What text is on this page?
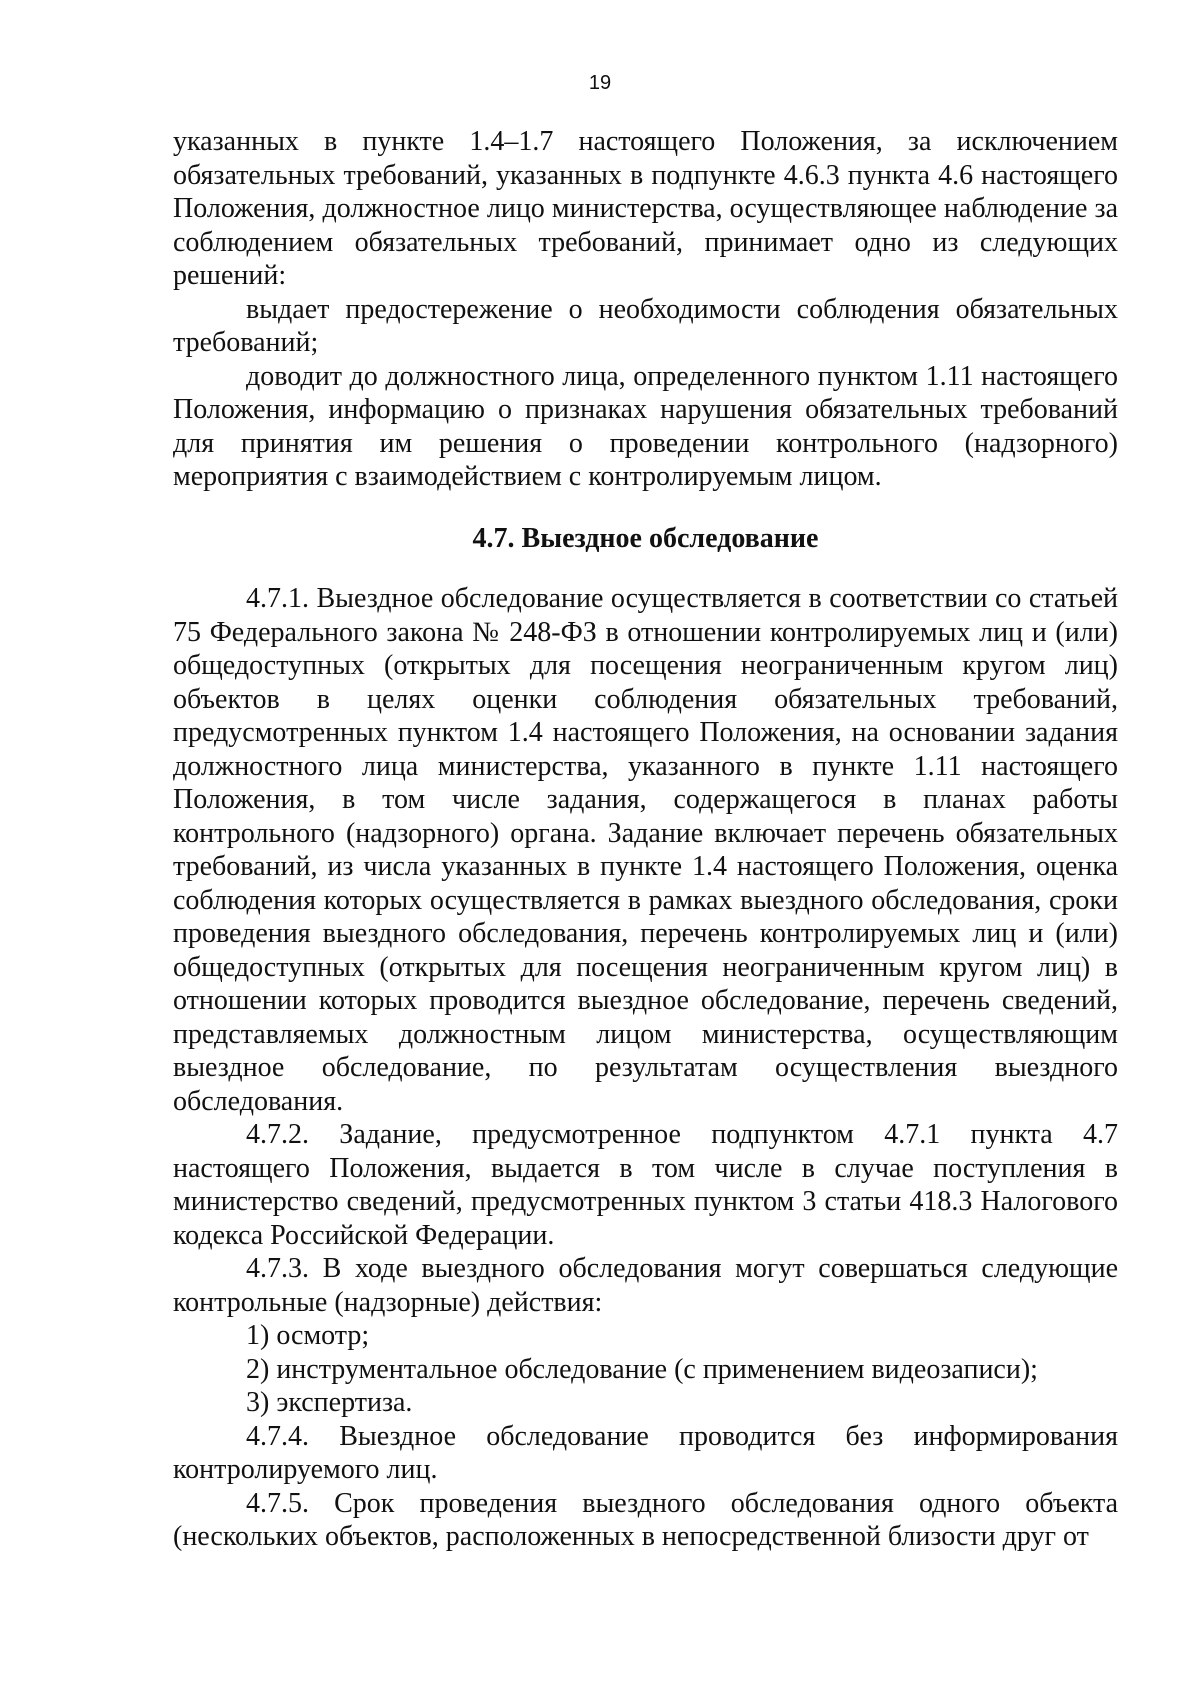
19

указанных в пункте 1.4–1.7 настоящего Положения, за исключением обязательных требований, указанных в подпункте 4.6.3 пункта 4.6 настоящего Положения, должностное лицо министерства, осуществляющее наблюдение за соблюдением обязательных требований, принимает одно из следующих решений:

выдает предостережение о необходимости соблюдения обязательных требований;

доводит до должностного лица, определенного пунктом 1.11 настоящего Положения, информацию о признаках нарушения обязательных требований для принятия им решения о проведении контрольного (надзорного) мероприятия с взаимодействием с контролируемым лицом.

4.7. Выездное обследование

4.7.1. Выездное обследование осуществляется в соответствии со статьей 75 Федерального закона № 248-ФЗ в отношении контролируемых лиц и (или) общедоступных (открытых для посещения неограниченным кругом лиц) объектов в целях оценки соблюдения обязательных требований, предусмотренных пунктом 1.4 настоящего Положения, на основании задания должностного лица министерства, указанного в пункте 1.11 настоящего Положения, в том числе задания, содержащегося в планах работы контрольного (надзорного) органа. Задание включает перечень обязательных требований, из числа указанных в пункте 1.4 настоящего Положения, оценка соблюдения которых осуществляется в рамках выездного обследования, сроки проведения выездного обследования, перечень контролируемых лиц и (или) общедоступных (открытых для посещения неограниченным кругом лиц) в отношении которых проводится выездное обследование, перечень сведений, представляемых должностным лицом министерства, осуществляющим выездное обследование, по результатам осуществления выездного обследования.

4.7.2. Задание, предусмотренное подпунктом 4.7.1 пункта 4.7 настоящего Положения, выдается в том числе в случае поступления в министерство сведений, предусмотренных пунктом 3 статьи 418.3 Налогового кодекса Российской Федерации.

4.7.3. В ходе выездного обследования могут совершаться следующие контрольные (надзорные) действия:

1) осмотр;

2) инструментальное обследование (с применением видеозаписи);

3) экспертиза.

4.7.4. Выездное обследование проводится без информирования контролируемого лиц.

4.7.5. Срок проведения выездного обследования одного объекта (нескольких объектов, расположенных в непосредственной близости друг от
